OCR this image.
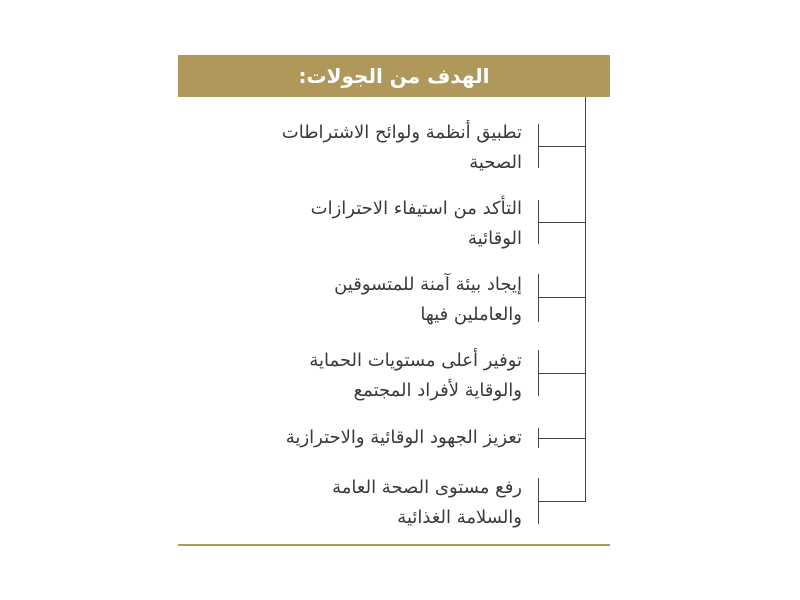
الهدف من الجولات:
تطبيق أنظمة ولوائح الاشتراطات
الصحية
التأكد من استيفاء الاحترازات
الوقائية
إيجاد بيئة آمنة للمتسوقين
والعاملين فيها
توفير أعلى مستويات الحماية
والوقاية لأفراد المجتمع
تعزيز الجهود الوقائية والاحترازية
رفع مستوى الصحة العامة
والسلامة الغذائية
